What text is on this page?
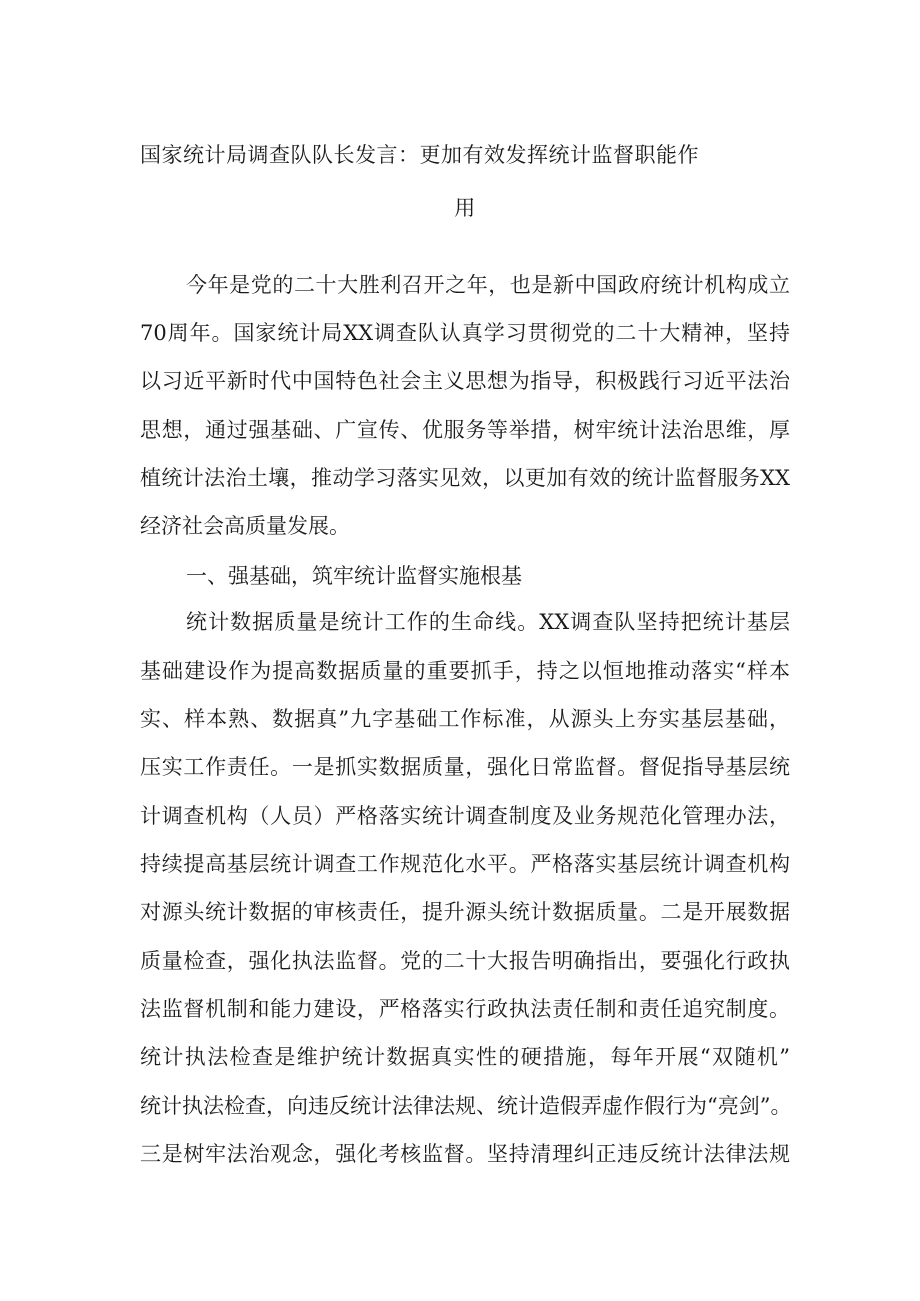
国家统计局调查队队长发言：更加有效发挥统计监督职能作
用
今年是党的二十大胜利召开之年，也是新中国政府统计机构成立
70周年。国家统计局XX调查队认真学习贯彻党的二十大精神，坚持
以习近平新时代中国特色社会主义思想为指导，积极践行习近平法治
思想，通过强基础、广宣传、优服务等举措，树牢统计法治思维，厚
植统计法治土壤，推动学习落实见效，以更加有效的统计监督服务XX
经济社会高质量发展。
一、强基础，筑牢统计监督实施根基
统计数据质量是统计工作的生命线。XX调查队坚持把统计基层
基础建设作为提高数据质量的重要抓手，持之以恒地推动落实“样本
实、样本熟、数据真”九字基础工作标准，从源头上夯实基层基础，
压实工作责任。一是抓实数据质量，强化日常监督。督促指导基层统
计调查机构（人员）严格落实统计调查制度及业务规范化管理办法，
持续提高基层统计调查工作规范化水平。严格落实基层统计调查机构
对源头统计数据的审核责任，提升源头统计数据质量。二是开展数据
质量检查，强化执法监督。党的二十大报告明确指出，要强化行政执
法监督机制和能力建设，严格落实行政执法责任制和责任追究制度。
统计执法检查是维护统计数据真实性的硬措施，每年开展“双随机”
统计执法检查，向违反统计法律法规、统计造假弄虚作假行为“亮剑”。
三是树牢法治观念，强化考核监督。坚持清理纠正违反统计法律法规
